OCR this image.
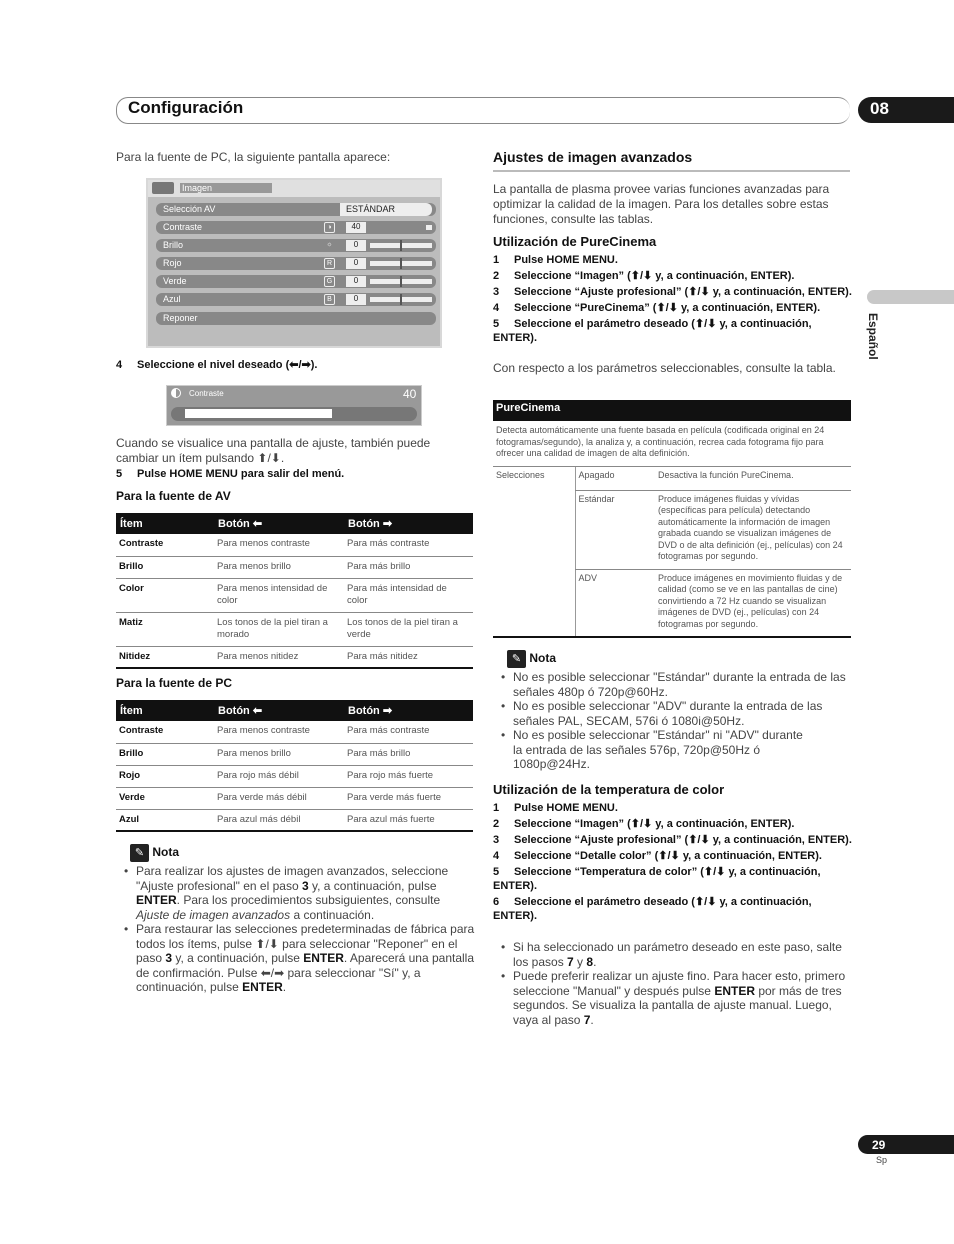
Configuración	08
Español

Para la fuente de PC, la siguiente pantalla aparece:

Imagen
Selección AV	ESTÁNDAR
Contraste	◑	40
Brillo	☼	0
Rojo	R	0
Verde	G	0
Azul	B	0
Reponer
4 Seleccione el nivel deseado (⬅/➡).
Contraste	40

Cuando se visualice una pantalla de ajuste, también puede cambiar un ítem pulsando ⬆/⬇.

5 Pulse HOME MENU para salir del menú.
Para la fuente de AV
Ítem	Botón ⬅	Botón ➡
Contraste	Para menos contraste	Para más contraste
Brillo	Para menos brillo	Para más brillo
Color	Para menos intensidad de color	Para más intensidad de color
Matiz	Los tonos de la piel tiran a morado	Los tonos de la piel tiran a verde
Nitidez	Para menos nitidez	Para más nitidez
Para la fuente de PC
Ítem	Botón ⬅	Botón ➡
Contraste	Para menos contraste	Para más contraste
Brillo	Para menos brillo	Para más brillo
Rojo	Para rojo más débil	Para rojo más fuerte
Verde	Para verde más débil	Para verde más fuerte
Azul	Para azul más débil	Para azul más fuerte
✎ Nota
• Para realizar los ajustes de imagen avanzados, seleccione "Ajuste profesional" en el paso 3 y, a continuación, pulse ENTER. Para los procedimientos subsiguientes, consulte Ajuste de imagen avanzados a continuación.
• Para restaurar las selecciones predeterminadas de fábrica para todos los ítems, pulse ⬆/⬇ para seleccionar "Reponer" en el paso 3 y, a continuación, pulse ENTER. Aparecerá una pantalla de confirmación. Pulse ⬅/➡ para seleccionar "Sí" y, a continuación, pulse ENTER.
Ajustes de imagen avanzados

La pantalla de plasma provee varias funciones avanzadas para optimizar la calidad de la imagen. Para los detalles sobre estas funciones, consulte las tablas.

Utilización de PureCinema
1 Pulse HOME MENU.
2 Seleccione “Imagen” (⬆/⬇ y, a continuación, ENTER).
3 Seleccione “Ajuste profesional” (⬆/⬇ y, a continuación, ENTER).
4 Seleccione “PureCinema” (⬆/⬇ y, a continuación, ENTER).
5 Seleccione el parámetro deseado (⬆/⬇ y, a continuación, ENTER).

Con respecto a los parámetros seleccionables, consulte la tabla.

PureCinema		
Detecta automáticamente una fuente basada en película (codificada original en 24 fotogramas/segundo), la analiza y, a continuación, recrea cada fotograma fijo para ofrecer una calidad de imagen de alta definición.		
Selecciones	Apagado	Desactiva la función PureCinema.
	Estándar	Produce imágenes fluidas y vívidas (específicas para película) detectando automáticamente la información de imagen grabada cuando se visualizan imágenes de DVD o de alta definición (ej., películas) con 24 fotogramas por segundo.
	ADV	Produce imágenes en movimiento fluidas y de calidad (como se ve en las pantallas de cine) convirtiendo a 72 Hz cuando se visualizan imágenes de DVD (ej., películas) con 24 fotogramas por segundo.
✎ Nota
• No es posible seleccionar "Estándar" durante la entrada de las señales 480p ó 720p@60Hz.
• No es posible seleccionar "ADV" durante la entrada de las señales PAL, SECAM, 576i ó 1080i@50Hz.
• No es posible seleccionar "Estándar" ni "ADV" durante la entrada de las señales 576p, 720p@50Hz ó 1080p@24Hz.
Utilización de la temperatura de color
1 Pulse HOME MENU.
2 Seleccione “Imagen” (⬆/⬇ y, a continuación, ENTER).
3 Seleccione “Ajuste profesional” (⬆/⬇ y, a continuación, ENTER).
4 Seleccione “Detalle color” (⬆/⬇ y, a continuación, ENTER).
5 Seleccione “Temperatura de color” (⬆/⬇ y, a continuación, ENTER).
6 Seleccione el parámetro deseado (⬆/⬇ y, a continuación, ENTER).
• Si ha seleccionado un parámetro deseado en este paso, salte los pasos 7 y 8.
• Puede preferir realizar un ajuste fino. Para hacer esto, primero seleccione "Manual" y después pulse ENTER por más de tres segundos. Se visualiza la pantalla de ajuste manual. Luego, vaya al paso 7.
29
Sp
